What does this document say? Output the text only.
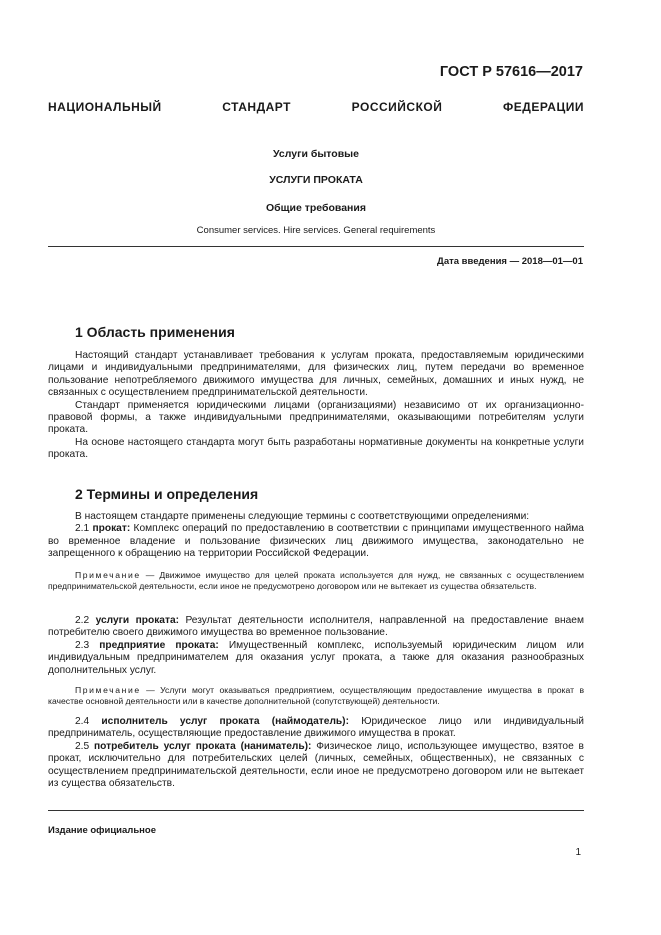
ГОСТ Р 57616—2017
НАЦИОНАЛЬНЫЙ СТАНДАРТ РОССИЙСКОЙ ФЕДЕРАЦИИ
Услуги бытовые
УСЛУГИ ПРОКАТА
Общие требования
Consumer services. Hire services. General requirements
Дата введения — 2018—01—01
1 Область применения

Настоящий стандарт устанавливает требования к услугам проката, предоставляемым юридическими лицами и индивидуальными предпринимателями, для физических лиц, путем передачи во временное пользование непотребляемого движимого имущества для личных, семейных, домашних и иных нужд, не связанных с осуществлением предпринимательской деятельности.

Стандарт применяется юридическими лицами (организациями) независимо от их организационно-правовой формы, а также индивидуальными предпринимателями, оказывающими потребителям услуги проката.

На основе настоящего стандарта могут быть разработаны нормативные документы на конкретные услуги проката.

2 Термины и определения

В настоящем стандарте применены следующие термины с соответствующими определениями:

2.1 прокат: Комплекс операций по предоставлению в соответствии с принципами имущественного найма во временное владение и пользование физических лиц движимого имущества, законодательно не запрещенного к обращению на территории Российской Федерации.

Примечание — Движимое имущество для целей проката используется для нужд, не связанных с осуществлением предпринимательской деятельности, если иное не предусмотрено договором или не вытекает из существа обязательств.

2.2 услуги проката: Результат деятельности исполнителя, направленной на предоставление внаем потребителю своего движимого имущества во временное пользование.

2.3 предприятие проката: Имущественный комплекс, используемый юридическим лицом или индивидуальным предпринимателем для оказания услуг проката, а также для оказания разнообразных дополнительных услуг.

Примечание — Услуги могут оказываться предприятием, осуществляющим предоставление имущества в прокат в качестве основной деятельности или в качестве дополнительной (сопутствующей) деятельности.

2.4 исполнитель услуг проката (наймодатель): Юридическое лицо или индивидуальный предприниматель, осуществляющие предоставление движимого имущества в прокат.

2.5 потребитель услуг проката (наниматель): Физическое лицо, использующее имущество, взятое в прокат, исключительно для потребительских целей (личных, семейных, общественных), не связанных с осуществлением предпринимательской деятельности, если иное не предусмотрено договором или не вытекает из существа обязательств.

Издание официальное
1
